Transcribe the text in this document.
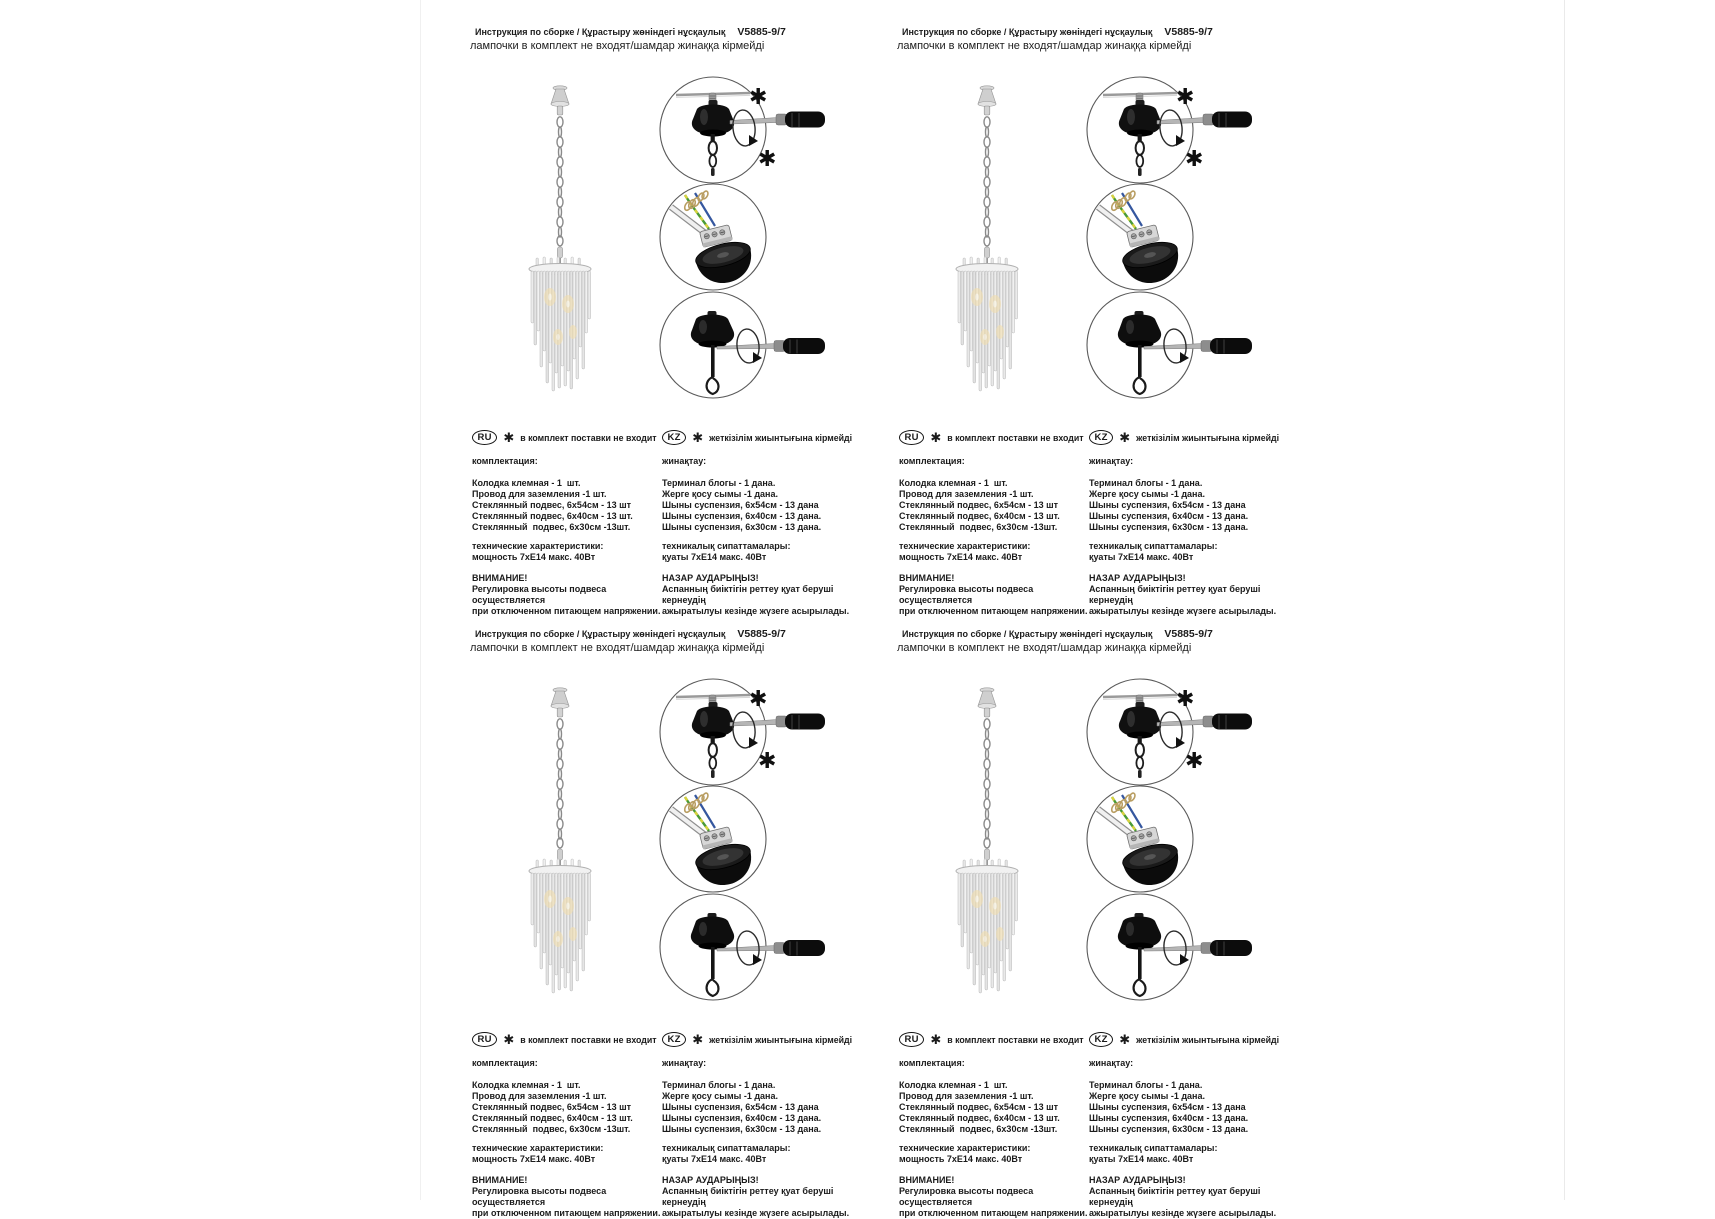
Инструкция по сборке / Құрастыру жөніндегі нұсқаулық V5885-9/7
лампочки в комплект не входят/шамдар жинаққа кірмейді
✱
✱
RU ✱ в комплект поставки не входит
комплектация:
Колодка клемная - 1  шт.
Провод для заземления -1 шт.
Стеклянный подвес, 6х54см - 13 шт
Стеклянный подвес, 6х40см - 13 шт.
Стеклянный  подвес, 6х30см -13шт.
технические характеристики:
мощность 7хЕ14 макс. 40Вт
ВНИМАНИЕ!
Регулировка высоты подвеса осуществляется
при отключенном питающем напряжении.
KZ ✱ жеткізілім жиынтығына кірмейді
жинақтау:
Терминал блогы - 1 дана.
Жерге қосу сымы -1 дана.
Шыны суспензия, 6х54см - 13 дана
Шыны суспензия, 6х40см - 13 дана.
Шыны суспензия, 6х30см - 13 дана.
техникалық сипаттамалары:
қуаты 7хЕ14 макс. 40Вт
НАЗАР АУДАРЫҢЫЗ!
Аспанның биіктігін реттеу қуат беруші кернеудің
ажыратылуы кезінде жүзеге асырылады.
Инструкция по сборке / Құрастыру жөніндегі нұсқаулық V5885-9/7
лампочки в комплект не входят/шамдар жинаққа кірмейді
✱
✱
RU ✱ в комплект поставки не входит
комплектация:
Колодка клемная - 1  шт.
Провод для заземления -1 шт.
Стеклянный подвес, 6х54см - 13 шт
Стеклянный подвес, 6х40см - 13 шт.
Стеклянный  подвес, 6х30см -13шт.
технические характеристики:
мощность 7хЕ14 макс. 40Вт
ВНИМАНИЕ!
Регулировка высоты подвеса осуществляется
при отключенном питающем напряжении.
KZ ✱ жеткізілім жиынтығына кірмейді
жинақтау:
Терминал блогы - 1 дана.
Жерге қосу сымы -1 дана.
Шыны суспензия, 6х54см - 13 дана
Шыны суспензия, 6х40см - 13 дана.
Шыны суспензия, 6х30см - 13 дана.
техникалық сипаттамалары:
қуаты 7хЕ14 макс. 40Вт
НАЗАР АУДАРЫҢЫЗ!
Аспанның биіктігін реттеу қуат беруші кернеудің
ажыратылуы кезінде жүзеге асырылады.
Инструкция по сборке / Құрастыру жөніндегі нұсқаулық V5885-9/7
лампочки в комплект не входят/шамдар жинаққа кірмейді
✱
✱
RU ✱ в комплект поставки не входит
комплектация:
Колодка клемная - 1  шт.
Провод для заземления -1 шт.
Стеклянный подвес, 6х54см - 13 шт
Стеклянный подвес, 6х40см - 13 шт.
Стеклянный  подвес, 6х30см -13шт.
технические характеристики:
мощность 7хЕ14 макс. 40Вт
ВНИМАНИЕ!
Регулировка высоты подвеса осуществляется
при отключенном питающем напряжении.
KZ ✱ жеткізілім жиынтығына кірмейді
жинақтау:
Терминал блогы - 1 дана.
Жерге қосу сымы -1 дана.
Шыны суспензия, 6х54см - 13 дана
Шыны суспензия, 6х40см - 13 дана.
Шыны суспензия, 6х30см - 13 дана.
техникалық сипаттамалары:
қуаты 7хЕ14 макс. 40Вт
НАЗАР АУДАРЫҢЫЗ!
Аспанның биіктігін реттеу қуат беруші кернеудің
ажыратылуы кезінде жүзеге асырылады.
Инструкция по сборке / Құрастыру жөніндегі нұсқаулық V5885-9/7
лампочки в комплект не входят/шамдар жинаққа кірмейді
✱
✱
RU ✱ в комплект поставки не входит
комплектация:
Колодка клемная - 1  шт.
Провод для заземления -1 шт.
Стеклянный подвес, 6х54см - 13 шт
Стеклянный подвес, 6х40см - 13 шт.
Стеклянный  подвес, 6х30см -13шт.
технические характеристики:
мощность 7хЕ14 макс. 40Вт
ВНИМАНИЕ!
Регулировка высоты подвеса осуществляется
при отключенном питающем напряжении.
KZ ✱ жеткізілім жиынтығына кірмейді
жинақтау:
Терминал блогы - 1 дана.
Жерге қосу сымы -1 дана.
Шыны суспензия, 6х54см - 13 дана
Шыны суспензия, 6х40см - 13 дана.
Шыны суспензия, 6х30см - 13 дана.
техникалық сипаттамалары:
қуаты 7хЕ14 макс. 40Вт
НАЗАР АУДАРЫҢЫЗ!
Аспанның биіктігін реттеу қуат беруші кернеудің
ажыратылуы кезінде жүзеге асырылады.
